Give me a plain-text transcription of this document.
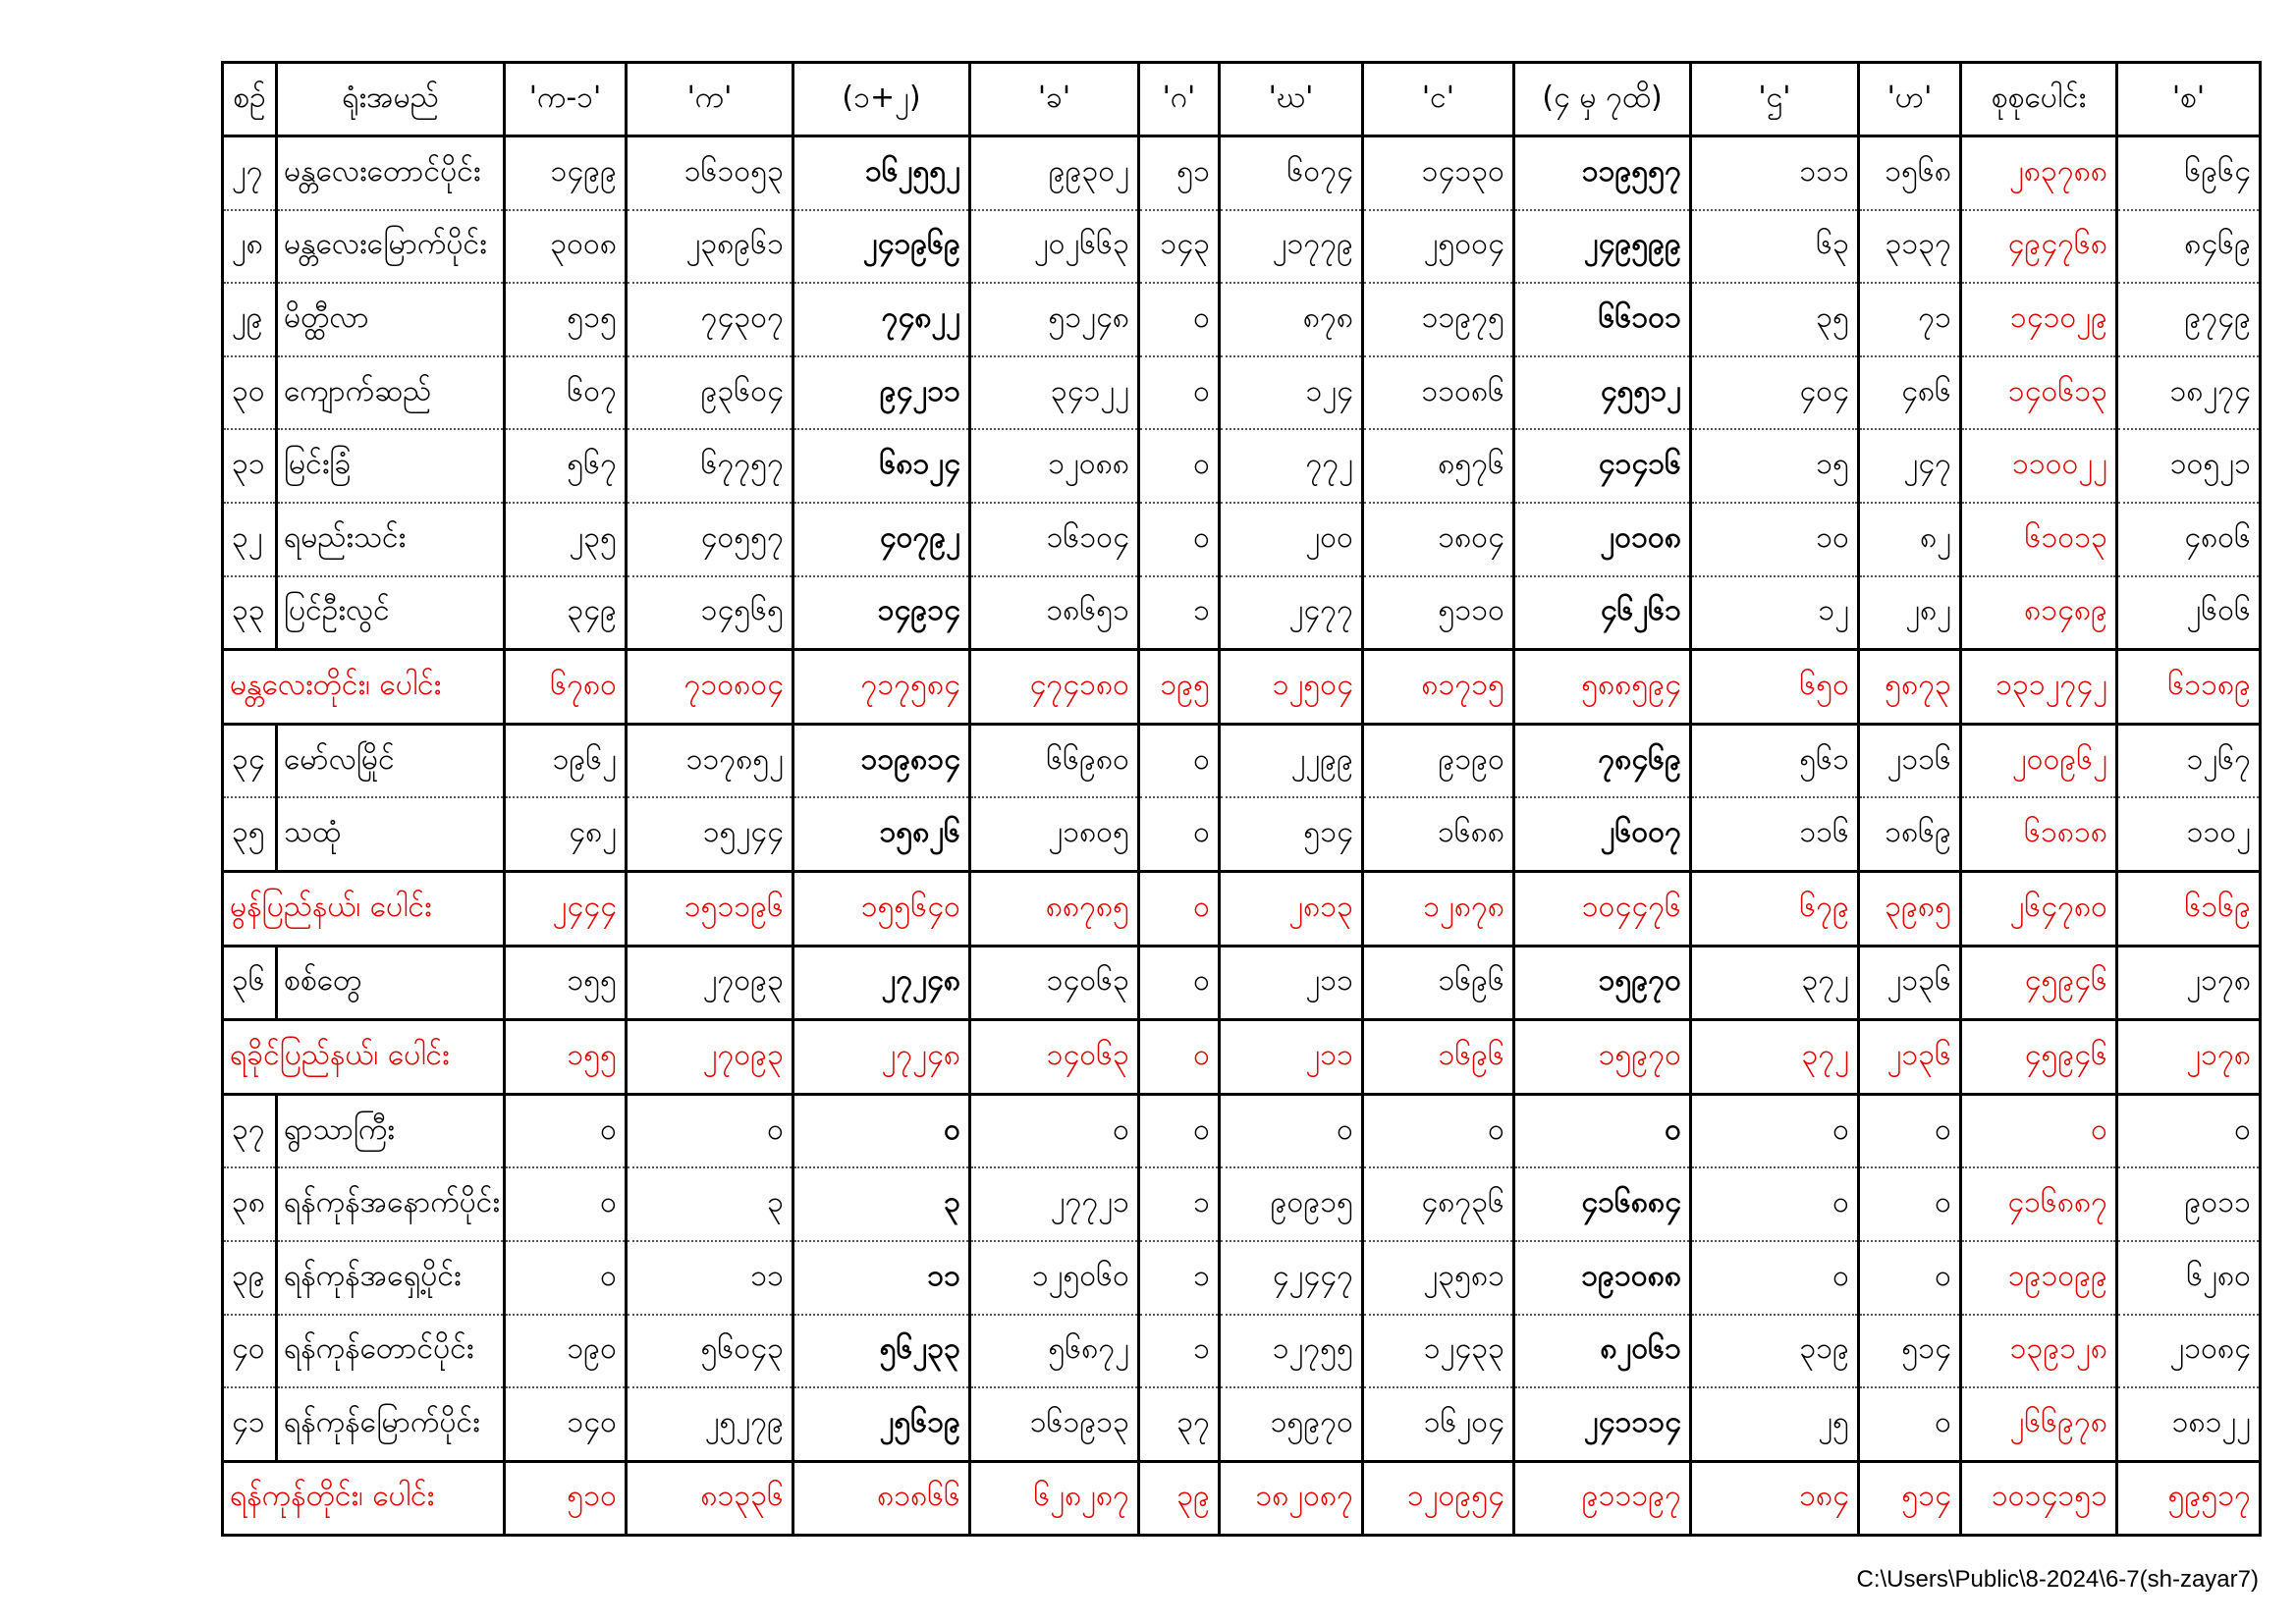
စဉ်	ရုံးအမည်	'က-၁'	'က'	(၁+၂)	'ခ'	'ဂ'	'ဃ'	'င'	(၄ မှ ၇ထိ)	'ဌ'	'ဟ'	စုစုပေါင်း	'စ'
၂၇	မန္တလေးတောင်ပိုင်း	၁၄၉၉	၁၆၁၀၅၃	၁၆၂၅၅၂	၉၉၃၀၂	၅၁	၆၀၇၄	၁၄၁၃၀	၁၁၉၅၅၇	၁၁၁	၁၅၆၈	၂၈၃၇၈၈	၆၉၆၄
၂၈	မန္တလေးမြောက်ပိုင်း	၃၀၀၈	၂၃၈၉၆၁	၂၄၁၉၆၉	၂၀၂၆၆၃	၁၄၃	၂၁၇၇၉	၂၅၀၀၄	၂၄၉၅၉၉	၆၃	၃၁၃၇	၄၉၄၇၆၈	၈၄၆၉
၂၉	မိတ္ထီလာ	၅၁၅	၇၄၃၀၇	၇၄၈၂၂	၅၁၂၄၈	၀	၈၇၈	၁၁၉၇၅	၆၆၁၀၁	၃၅	၇၁	၁၄၁၀၂၉	၉၇၄၉
၃၀	ကျောက်ဆည်	၆၀၇	၉၃၆၀၄	၉၄၂၁၁	၃၄၁၂၂	၀	၁၂၄	၁၁၀၈၆	၄၅၅၁၂	၄၀၄	၄၈၆	၁၄၀၆၁၃	၁၈၂၇၄
၃၁	မြင်းခြံ	၅၆၇	၆၇၇၅၇	၆၈၁၂၄	၁၂၀၈၈	၀	၇၇၂	၈၅၇၆	၄၁၄၁၆	၁၅	၂၄၇	၁၁၀၀၂၂	၁၀၅၂၁
၃၂	ရမည်းသင်း	၂၃၅	၄၀၅၅၇	၄၀၇၉၂	၁၆၁၀၄	၀	၂၀၀	၁၈၀၄	၂၀၁၀၈	၁၀	၈၂	၆၁၀၁၃	၄၈၀၆
၃၃	ပြင်ဦးလွင်	၃၄၉	၁၄၅၆၅	၁၄၉၁၄	၁၈၆၅၁	၁	၂၄၇၇	၅၁၁၀	၄၆၂၆၁	၁၂	၂၈၂	၈၁၄၈၉	၂၆၀၆
မန္တလေးတိုင်း၊ ပေါင်း		၆၇၈၀	၇၁၀၈၀၄	၇၁၇၅၈၄	၄၇၄၁၈၀	၁၉၅	၁၂၅၀၄	၈၁၇၁၅	၅၈၈၅၉၄	၆၅၀	၅၈၇၃	၁၃၁၂၇၄၂	၆၁၁၈၉
၃၄	မော်လမြိုင်	၁၉၆၂	၁၁၇၈၅၂	၁၁၉၈၁၄	၆၆၉၈၀	၀	၂၂၉၉	၉၁၉၀	၇၈၄၆၉	၅၆၁	၂၁၁၆	၂၀၀၉၆၂	၁၂၆၇
၃၅	သထုံ	၄၈၂	၁၅၂၄၄	၁၅၈၂၆	၂၁၈၀၅	၀	၅၁၄	၁၆၈၈	၂၆၀၀၇	၁၁၆	၁၈၆၉	၆၁၈၁၈	၁၁၀၂
မွန်ပြည်နယ်၊ ပေါင်း		၂၄၄၄	၁၅၁၁၉၆	၁၅၅၆၄၀	၈၈၇၈၅	၀	၂၈၁၃	၁၂၈၇၈	၁၀၄၄၇၆	၆၇၉	၃၉၈၅	၂၆၄၇၈၀	၆၁၆၉
၃၆	စစ်တွေ	၁၅၅	၂၇၀၉၃	၂၇၂၄၈	၁၄၀၆၃	၀	၂၁၁	၁၆၉၆	၁၅၉၇၀	၃၇၂	၂၁၃၆	၄၅၉၄၆	၂၁၇၈
ရခိုင်ပြည်နယ်၊ ပေါင်း		၁၅၅	၂၇၀၉၃	၂၇၂၄၈	၁၄၀၆၃	၀	၂၁၁	၁၆၉၆	၁၅၉၇၀	၃၇၂	၂၁၃၆	၄၅၉၄၆	၂၁၇၈
၃၇	ရွာသာကြီး	၀	၀	၀	၀	၀	၀	၀	၀	၀	၀	၀	၀
၃၈	ရန်ကုန်အနောက်ပိုင်း	၀	၃	၃	၂၇၇၂၁	၁	၉၀၉၁၅	၄၈၇၃၆	၄၁၆၈၈၄	၀	၀	၄၁၆၈၈၇	၉၀၁၁
၃၉	ရန်ကုန်အရှေ့ပိုင်း	၀	၁၁	၁၁	၁၂၅၀၆၀	၁	၄၂၄၄၇	၂၃၅၈၁	၁၉၁၀၈၈	၀	၀	၁၉၁၀၉၉	၆၂၈၀
၄၀	ရန်ကုန်တောင်ပိုင်း	၁၉၀	၅၆၀၄၃	၅၆၂၃၃	၅၆၈၇၂	၁	၁၂၇၅၅	၁၂၄၃၃	၈၂၀၆၁	၃၁၉	၅၁၄	၁၃၉၁၂၈	၂၁၀၈၄
၄၁	ရန်ကုန်မြောက်ပိုင်း	၁၄၀	၂၅၂၇၉	၂၅၆၁၉	၁၆၁၉၁၃	၃၇	၁၅၉၇၀	၁၆၂၀၄	၂၄၁၁၁၄	၂၅	၀	၂၆၆၉၇၈	၁၈၁၂၂
ရန်ကုန်တိုင်း၊ ပေါင်း		၅၁၀	၈၁၃၃၆	၈၁၈၆၆	၆၂၈၂၈၇	၃၉	၁၈၂၀၈၇	၁၂၀၉၅၄	၉၁၁၁၉၇	၁၈၄	၅၁၄	၁၀၁၄၁၅၁	၅၉၅၁၇
C:\Users\Public\8-2024\6-7(sh-zayar7)
